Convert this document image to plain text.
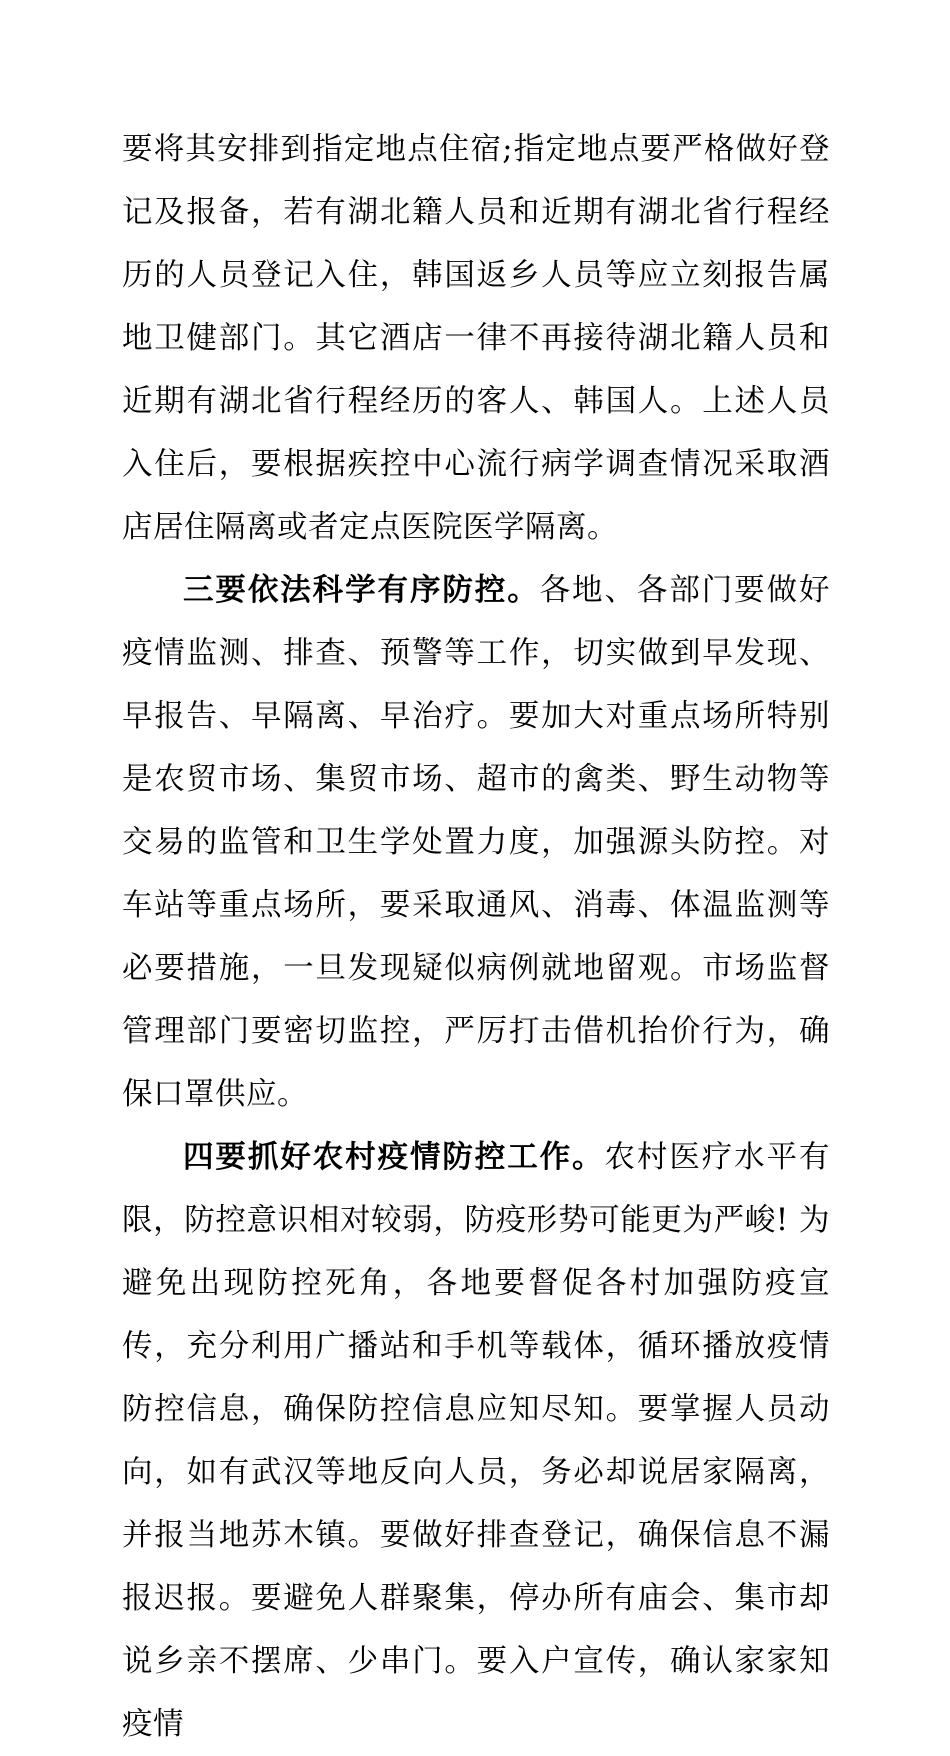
要将其安排到指定地点住宿;指定地点要严格做好登记及报备，若有湖北籍人员和近期有湖北省行程经历的人员登记入住，韩国返乡人员等应立刻报告属地卫健部门。其它酒店一律不再接待湖北籍人员和近期有湖北省行程经历的客人、韩国人。上述人员入住后，要根据疾控中心流行病学调查情况采取酒店居住隔离或者定点医院医学隔离。

三要依法科学有序防控。各地、各部门要做好疫情监测、排查、预警等工作，切实做到早发现、早报告、早隔离、早治疗。要加大对重点场所特别是农贸市场、集贸市场、超市的禽类、野生动物等交易的监管和卫生学处置力度，加强源头防控。对车站等重点场所，要采取通风、消毒、体温监测等必要措施，一旦发现疑似病例就地留观。市场监督管理部门要密切监控，严厉打击借机抬价行为，确保口罩供应。

四要抓好农村疫情防控工作。农村医疗水平有限，防控意识相对较弱，防疫形势可能更为严峻! 为避免出现防控死角，各地要督促各村加强防疫宣传，充分利用广播站和手机等载体，循环播放疫情防控信息，确保防控信息应知尽知。要掌握人员动向，如有武汉等地反向人员，务必却说居家隔离，并报当地苏木镇。要做好排查登记，确保信息不漏报迟报。要避免人群聚集，停办所有庙会、集市却说乡亲不摆席、少串门。要入户宣传，确认家家知疫情
